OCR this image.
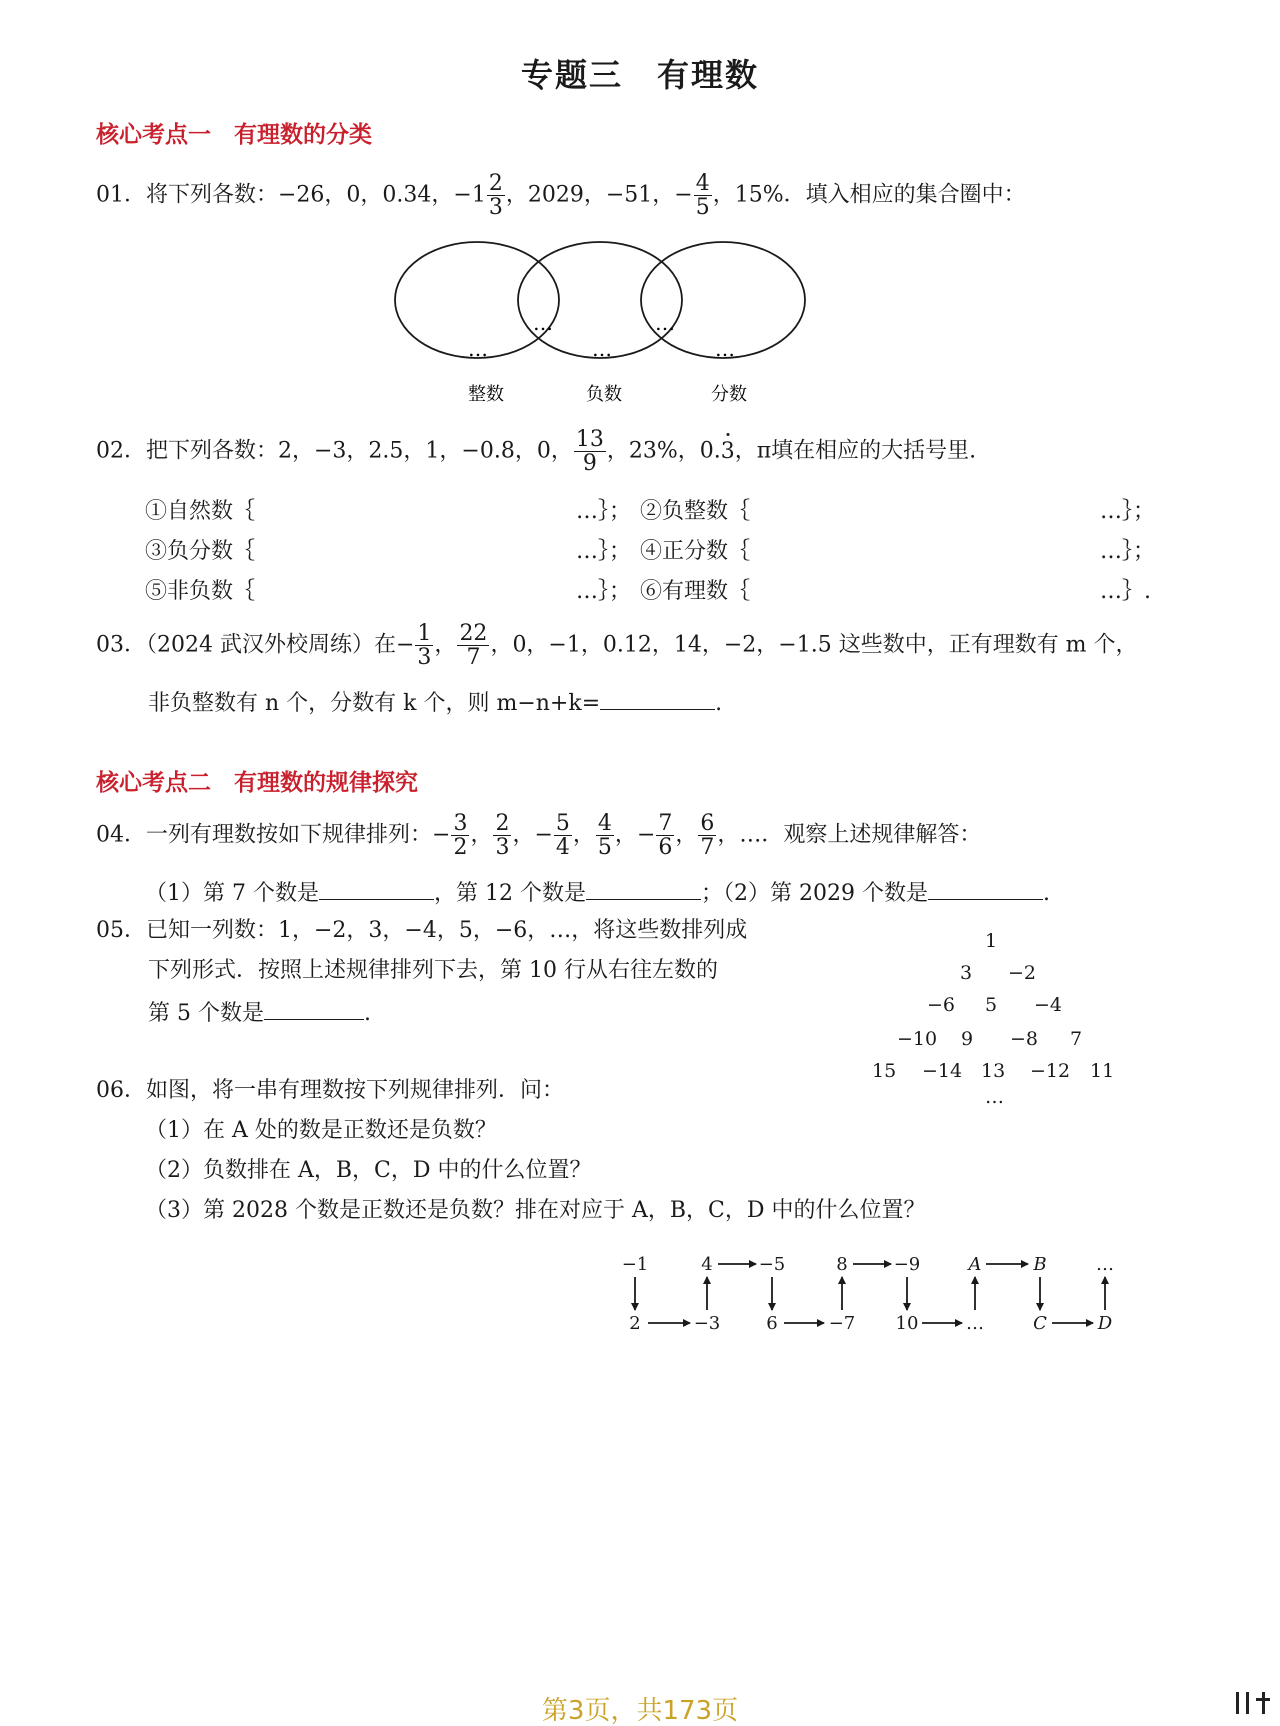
专题三　有理数
核心考点一　有理数的分类
01．将下列各数：−26，0，0.34，$-1 \frac{2}{3}$ ，2029，−51，− $\frac{4}{5}$ ，15%．填入相应的集合圈中：
…
…
…
…
…
整数	负数	分数
02．把下列各数：2，−3，2.5，1，−0.8，0， $\frac{13}{9}$ ，23%，0.3，π填在相应的大括号里.
①自然数｛	…｝； ②负整数｛	…｝；
③负分数｛	…｝； ④正分数｛	…｝；
⑤非负数｛	…｝； ⑥有理数｛	…｝.
03．（2024 武汉外校周练）在− $\frac{1}{3}$ ， $\frac{22}{7}$ ，0，−1，0.12，14，−2，−1.5 这些数中，正有理数有 m 个，
非负整数有 n 个，分数有 k 个，则 m−n+k=	.
核心考点二　有理数的规律探究
04．一列有理数按如下规律排列：− $\frac{3}{2}$ ， $\frac{2}{3}$ ，− $\frac{5}{4}$ ， $\frac{4}{5}$ ，− $\frac{7}{6}$ ， $\frac{6}{7}$ ，…．观察上述规律解答：
（1）第 7 个数是	，第 12 个数是	；（2）第 2029 个数是	.
05．已知一列数：1，−2，3，−4，5，−6，…，将这些数排列成
下列形式．按照上述规律排列下去，第 10 行从右往左数的
第 5 个数是	.
1
3 −2
−6 5 −4
−10 9 −8 7
15 −14 13 −12 11
…
06．如图，将一串有理数按下列规律排列．问：
（1）在 A 处的数是正数还是负数？
（2）负数排在 A，B，C，D 中的什么位置？
（3）第 2028 个数是正数还是负数？排在对应于 A，B，C，D 中的什么位置？
−1	4	−5	8	−9	A	B	…
2	−3	6	−7 10	…	C	D
第3页，共173页
